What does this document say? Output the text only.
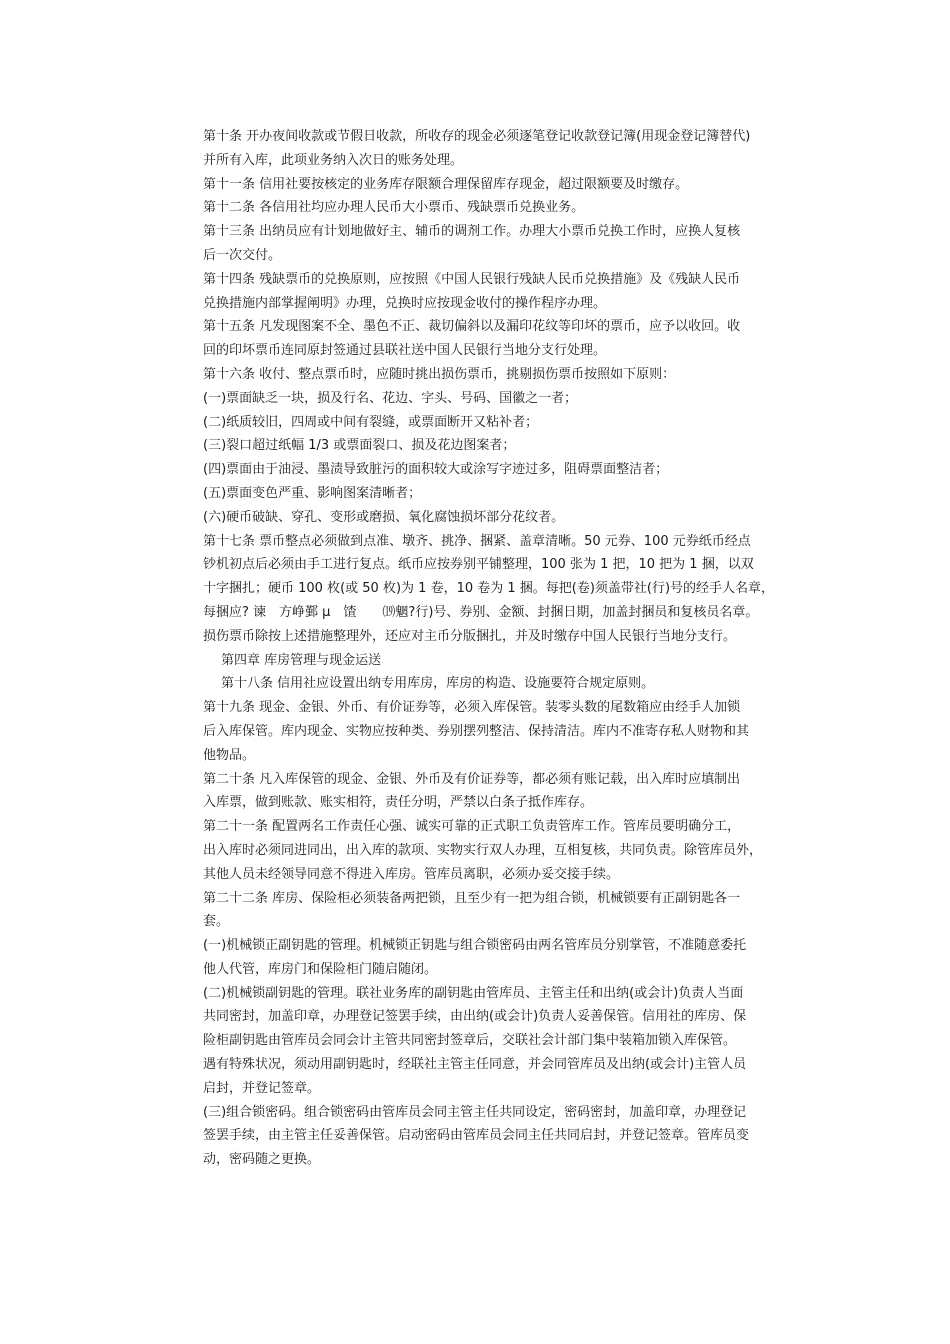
第十条 开办夜间收款或节假日收款，所收存的现金必须逐笔登记收款登记簿(用现金登记簿替代)
并所有入库，此项业务纳入次日的账务处理。
第十一条 信用社要按核定的业务库存限额合理保留库存现金，超过限额要及时缴存。
第十二条 各信用社均应办理人民币大小票币、残缺票币兑换业务。
第十三条 出纳员应有计划地做好主、辅币的调剂工作。办理大小票币兑换工作时，应换人复核
后一次交付。
第十四条 残缺票币的兑换原则，应按照《中国人民银行残缺人民币兑换措施》及《残缺人民币
兑换措施内部掌握阐明》办理，兑换时应按现金收付的操作程序办理。
第十五条 凡发现图案不全、墨色不正、裁切偏斜以及漏印花纹等印坏的票币，应予以收回。收
回的印坏票币连同原封签通过县联社送中国人民银行当地分支行处理。
第十六条 收付、整点票币时，应随时挑出损伤票币，挑剔损伤票币按照如下原则：
(一)票面缺乏一块，损及行名、花边、字头、号码、国徽之一者；
(二)纸质较旧，四周或中间有裂缝，或票面断开又粘补者；
(三)裂口超过纸幅 1/3 或票面裂口、损及花边图案者；
(四)票面由于油浸、墨渍导致脏污的面积较大或涂写字迹过多，阻碍票面整洁者；
(五)票面变色严重、影响图案清晰者；
(六)硬币破缺、穿孔、变形或磨损、氧化腐蚀损坏部分花纹者。
第十七条 票币整点必须做到点准、墩齐、挑净、捆紧、盖章清晰。50 元券、100 元券纸币经点
钞机初点后必须由手工进行复点。纸币应按券别平铺整理，100 张为 1 把，10 把为 1 捆，以双
十字捆扎；硬币 100 枚(或 50 枚)为 1 卷，10 卷为 1 捆。每把(卷)须盖带社(行)号的经手人名章，
每捆应? 谏　方峥鄞 μ　馇　　⒆魍?行)号、券别、金额、封捆日期，加盖封捆员和复核员名章。
损伤票币除按上述措施整理外，还应对主币分版捆扎，并及时缴存中国人民银行当地分支行。
第四章 库房管理与现金运送
第十八条 信用社应设置出纳专用库房，库房的构造、设施要符合规定原则。
第十九条 现金、金银、外币、有价证券等，必须入库保管。装零头数的尾数箱应由经手人加锁
后入库保管。库内现金、实物应按种类、券别摆列整洁、保持清洁。库内不准寄存私人财物和其
他物品。
第二十条 凡入库保管的现金、金银、外币及有价证券等，都必须有账记载，出入库时应填制出
入库票，做到账款、账实相符，责任分明，严禁以白条子抵作库存。
第二十一条 配置两名工作责任心强、诚实可靠的正式职工负责管库工作。管库员要明确分工，
出入库时必须同进同出，出入库的款项、实物实行双人办理，互相复核，共同负责。除管库员外，
其他人员未经领导同意不得进入库房。管库员离职，必须办妥交接手续。
第二十二条 库房、保险柜必须装备两把锁，且至少有一把为组合锁，机械锁要有正副钥匙各一
套。
(一)机械锁正副钥匙的管理。机械锁正钥匙与组合锁密码由两名管库员分别掌管，不准随意委托
他人代管，库房门和保险柜门随启随闭。
(二)机械锁副钥匙的管理。联社业务库的副钥匙由管库员、主管主任和出纳(或会计)负责人当面
共同密封，加盖印章，办理登记签罢手续，由出纳(或会计)负责人妥善保管。信用社的库房、保
险柜副钥匙由管库员会同会计主管共同密封签章后，交联社会计部门集中装箱加锁入库保管。
遇有特殊状况，须动用副钥匙时，经联社主管主任同意，并会同管库员及出纳(或会计)主管人员
启封，并登记签章。
(三)组合锁密码。组合锁密码由管库员会同主管主任共同设定，密码密封，加盖印章，办理登记
签罢手续，由主管主任妥善保管。启动密码由管库员会同主任共同启封，并登记签章。管库员变
动，密码随之更换。
